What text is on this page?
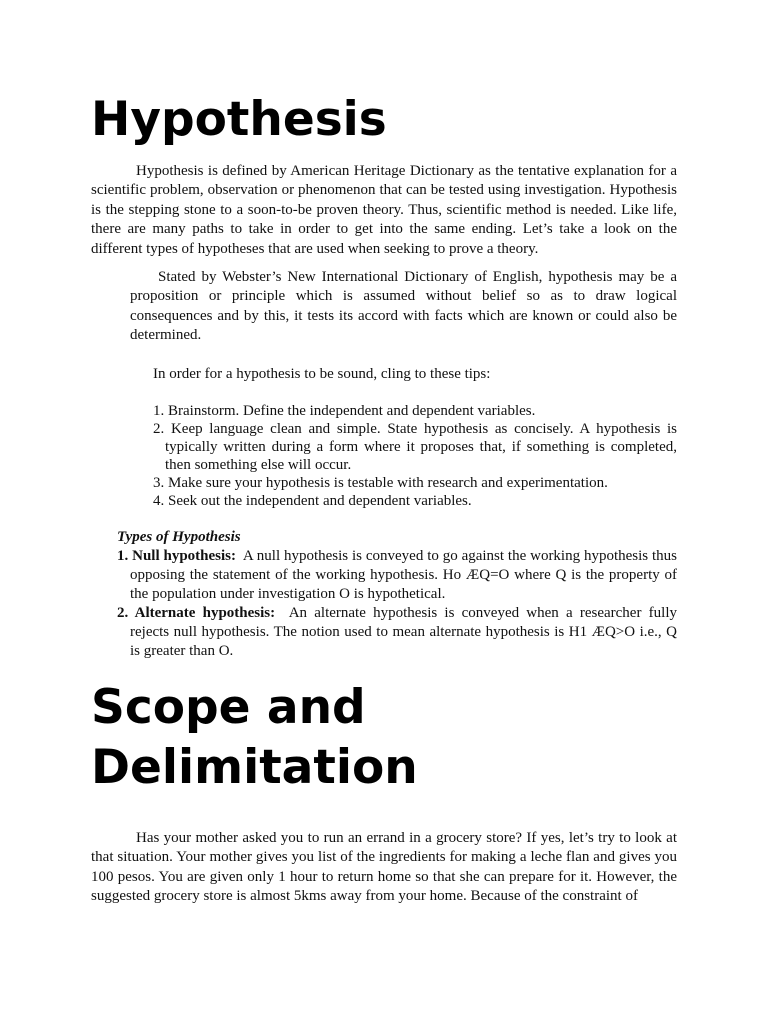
Hypothesis

Hypothesis is defined by American Heritage Dictionary as the tentative explanation for a scientific problem, observation or phenomenon that can be tested using investigation. Hypothesis is the stepping stone to a soon-to-be proven theory. Thus, scientific method is needed. Like life, there are many paths to take in order to get into the same ending. Let’s take a look on the different types of hypotheses that are used when seeking to prove a theory.

Stated by Webster’s New International Dictionary of English, hypothesis may be a proposition or principle which is assumed without belief so as to draw logical consequences and by this, it tests its accord with facts which are known or could also be determined.

In order for a hypothesis to be sound, cling to these tips:

1. Brainstorm. Define the independent and dependent variables.
2. Keep language clean and simple. State hypothesis as concisely. A hypothesis is typically written during a form where it proposes that, if something is completed, then something else will occur.
3. Make sure your hypothesis is testable with research and experimentation.
4. Seek out the independent and dependent variables.

Types of Hypothesis

1. Null hypothesis: A null hypothesis is conveyed to go against the working hypothesis thus opposing the statement of the working hypothesis. Ho ÆQ=O where Q is the property of the population under investigation O is hypothetical.
2. Alternate hypothesis: An alternate hypothesis is conveyed when a researcher fully rejects null hypothesis. The notion used to mean alternate hypothesis is H1 ÆQ>O i.e., Q is greater than O.
Scope and Delimitation

Has your mother asked you to run an errand in a grocery store? If yes, let’s try to look at that situation. Your mother gives you list of the ingredients for making a leche flan and gives you 100 pesos. You are given only 1 hour to return home so that she can prepare for it. However, the suggested grocery store is almost 5kms away from your home. Because of the constraint of
